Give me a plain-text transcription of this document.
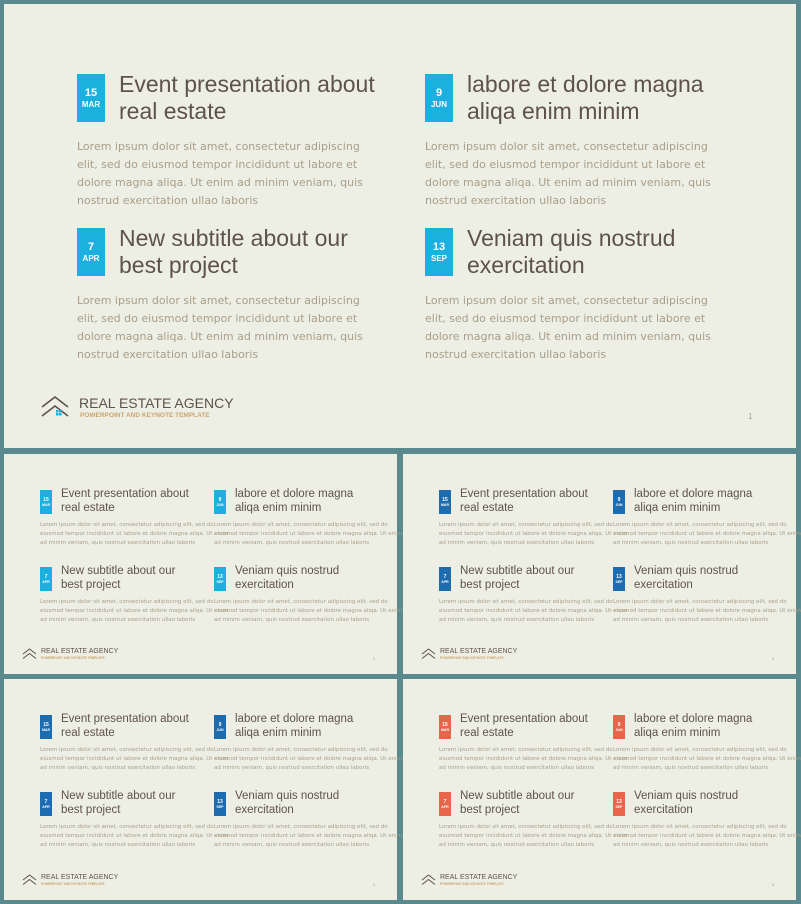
15
MAR
Event presentation about real estate
Lorem ipsum dolor sit amet, consectetur adipiscing elit, sed do eiusmod tempor incididunt ut labore et dolore magna aliqa. Ut enim ad minim veniam, quis nostrud exercitation ullao laboris
9
JUN
labore et dolore magna aliqa enim minim
Lorem ipsum dolor sit amet, consectetur adipiscing elit, sed do eiusmod tempor incididunt ut labore et dolore magna aliqa. Ut enim ad minim veniam, quis nostrud exercitation ullao laboris
7
APR
New subtitle about our best project
Lorem ipsum dolor sit amet, consectetur adipiscing elit, sed do eiusmod tempor incididunt ut labore et dolore magna aliqa. Ut enim ad minim veniam, quis nostrud exercitation ullao laboris
13
SEP
Veniam quis nostrud exercitation
Lorem ipsum dolor sit amet, consectetur adipiscing elit, sed do eiusmod tempor incididunt ut labore et dolore magna aliqa. Ut enim ad minim veniam, quis nostrud exercitation ullao laboris
REAL ESTATE AGENCY
POWERPOINT AND KEYNOTE TEMPLATE	1
15
MAR
Event presentation about real estate
Lorem ipsum dolor sit amet, consectetur adipiscing elit, sed do
eiusmod tempor incididunt ut labore et dolore magna aliqa. Ut enim
ad minim veniam, quis nostrud exercitation ullao laboris
9
JUN
labore et dolore magna aliqa enim minim
Lorem ipsum dolor sit amet, consectetur adipiscing elit, sed do
eiusmod tempor incididunt ut labore et dolore magna aliqa. Ut enim
ad minim veniam, quis nostrud exercitation ullao laboris
7
APR
New subtitle about our best project
Lorem ipsum dolor sit amet, consectetur adipiscing elit, sed do
eiusmod tempor incididunt ut labore et dolore magna aliqa. Ut enim
ad minim veniam, quis nostrud exercitation ullao laboris
13
SEP
Veniam quis nostrud exercitation
Lorem ipsum dolor sit amet, consectetur adipiscing elit, sed do
eiusmod tempor incididunt ut labore et dolore magna aliqa. Ut enim
ad minim veniam, quis nostrud exercitation ullao laboris
REAL ESTATE AGENCY
POWERPOINT AND KEYNOTE TEMPLATE	2
15
MAR
Event presentation about real estate
Lorem ipsum dolor sit amet, consectetur adipiscing elit, sed do
eiusmod tempor incididunt ut labore et dolore magna aliqa. Ut enim
ad minim veniam, quis nostrud exercitation ullao laboris
9
JUN
labore et dolore magna aliqa enim minim
Lorem ipsum dolor sit amet, consectetur adipiscing elit, sed do
eiusmod tempor incididunt ut labore et dolore magna aliqa. Ut enim
ad minim veniam, quis nostrud exercitation ullao laboris
7
APR
New subtitle about our best project
Lorem ipsum dolor sit amet, consectetur adipiscing elit, sed do
eiusmod tempor incididunt ut labore et dolore magna aliqa. Ut enim
ad minim veniam, quis nostrud exercitation ullao laboris
13
SEP
Veniam quis nostrud exercitation
Lorem ipsum dolor sit amet, consectetur adipiscing elit, sed do
eiusmod tempor incididunt ut labore et dolore magna aliqa. Ut enim
ad minim veniam, quis nostrud exercitation ullao laboris
REAL ESTATE AGENCY
POWERPOINT AND KEYNOTE TEMPLATE	3
15
MAR
Event presentation about real estate
Lorem ipsum dolor sit amet, consectetur adipiscing elit, sed do
eiusmod tempor incididunt ut labore et dolore magna aliqa. Ut enim
ad minim veniam, quis nostrud exercitation ullao laboris
9
JUN
labore et dolore magna aliqa enim minim
Lorem ipsum dolor sit amet, consectetur adipiscing elit, sed do
eiusmod tempor incididunt ut labore et dolore magna aliqa. Ut enim
ad minim veniam, quis nostrud exercitation ullao laboris
7
APR
New subtitle about our best project
Lorem ipsum dolor sit amet, consectetur adipiscing elit, sed do
eiusmod tempor incididunt ut labore et dolore magna aliqa. Ut enim
ad minim veniam, quis nostrud exercitation ullao laboris
13
SEP
Veniam quis nostrud exercitation
Lorem ipsum dolor sit amet, consectetur adipiscing elit, sed do
eiusmod tempor incididunt ut labore et dolore magna aliqa. Ut enim
ad minim veniam, quis nostrud exercitation ullao laboris
REAL ESTATE AGENCY
POWERPOINT AND KEYNOTE TEMPLATE	4
15
MAR
Event presentation about real estate
Lorem ipsum dolor sit amet, consectetur adipiscing elit, sed do
eiusmod tempor incididunt ut labore et dolore magna aliqa. Ut enim
ad minim veniam, quis nostrud exercitation ullao laboris
9
JUN
labore et dolore magna aliqa enim minim
Lorem ipsum dolor sit amet, consectetur adipiscing elit, sed do
eiusmod tempor incididunt ut labore et dolore magna aliqa. Ut enim
ad minim veniam, quis nostrud exercitation ullao laboris
7
APR
New subtitle about our best project
Lorem ipsum dolor sit amet, consectetur adipiscing elit, sed do
eiusmod tempor incididunt ut labore et dolore magna aliqa. Ut enim
ad minim veniam, quis nostrud exercitation ullao laboris
13
SEP
Veniam quis nostrud exercitation
Lorem ipsum dolor sit amet, consectetur adipiscing elit, sed do
eiusmod tempor incididunt ut labore et dolore magna aliqa. Ut enim
ad minim veniam, quis nostrud exercitation ullao laboris
REAL ESTATE AGENCY
POWERPOINT AND KEYNOTE TEMPLATE	5
